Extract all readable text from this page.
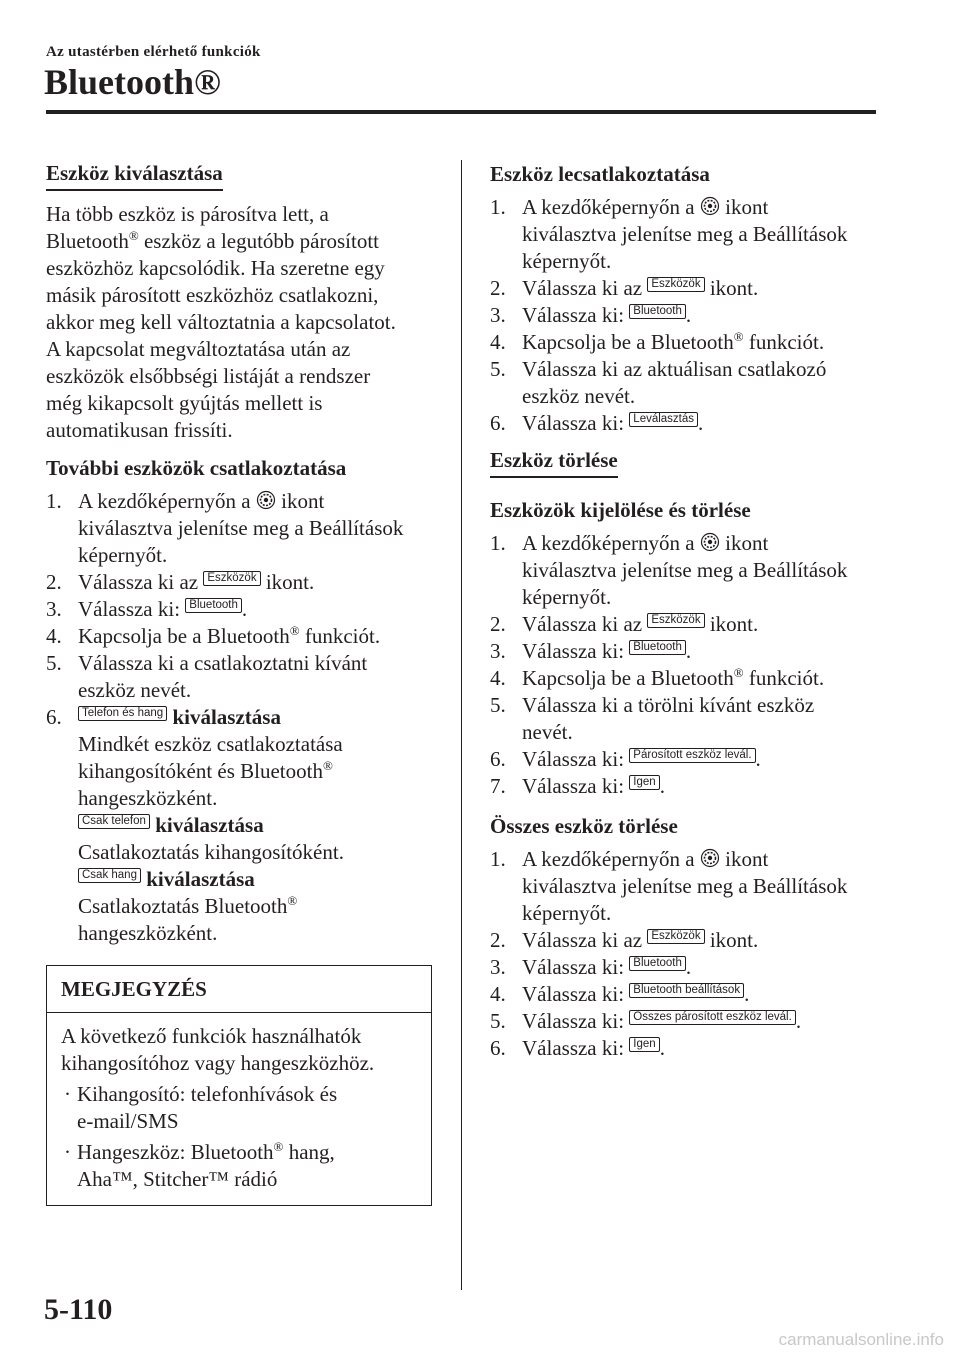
Az utastérben elérhető funkciók
Bluetooth®
Eszköz kiválasztása

Ha több eszköz is párosítva lett, a
Bluetooth® eszköz a legutóbb párosított
eszközhöz kapcsolódik. Ha szeretne egy
másik párosított eszközhöz csatlakozni,
akkor meg kell változtatnia a kapcsolatot.
A kapcsolat megváltoztatása után az
eszközök elsőbbségi listáját a rendszer
még kikapcsolt gyújtás mellett is
automatikusan frissíti.

További eszközök csatlakoztatása
1. A kezdőképernyőn a ikont
kiválasztva jelenítse meg a Beállítások
képernyőt.
2. Válassza ki az Eszközök ikont.
3. Válassza ki: Bluetooth .
4. Kapcsolja be a Bluetooth® funkciót.
5. Válassza ki a csatlakoztatni kívánt
eszköz nevét.
6. Telefon és hang kiválasztása
Mindkét eszköz csatlakoztatása
kihangosítóként és Bluetooth®
hangeszközként.
Csak telefon kiválasztása
Csatlakoztatás kihangosítóként.
Csak hang kiválasztása
Csatlakoztatás Bluetooth®
hangeszközként.
MEGJEGYZÉS

A következő funkciók használhatók
kihangosítóhoz vagy hangeszközhöz.

· Kihangosító: telefonhívások és
e-mail/SMS
· Hangeszköz: Bluetooth® hang,
Aha™, Stitcher™ rádió
Eszköz lecsatlakoztatása
1. A kezdőképernyőn a ikont
kiválasztva jelenítse meg a Beállítások
képernyőt.
2. Válassza ki az Eszközök ikont.
3. Válassza ki: Bluetooth .
4. Kapcsolja be a Bluetooth® funkciót.
5. Válassza ki az aktuálisan csatlakozó
eszköz nevét.
6. Válassza ki: Leválasztás .
Eszköz törlése
Eszközök kijelölése és törlése
1. A kezdőképernyőn a ikont
kiválasztva jelenítse meg a Beállítások
képernyőt.
2. Válassza ki az Eszközök ikont.
3. Válassza ki: Bluetooth .
4. Kapcsolja be a Bluetooth® funkciót.
5. Válassza ki a törölni kívánt eszköz
nevét.
6. Válassza ki: Párosított eszköz levál. .
7. Válassza ki: Igen .
Összes eszköz törlése
1. A kezdőképernyőn a ikont
kiválasztva jelenítse meg a Beállítások
képernyőt.
2. Válassza ki az Eszközök ikont.
3. Válassza ki: Bluetooth .
4. Válassza ki: Bluetooth beállítások .
5. Válassza ki: Összes párosított eszköz levál. .
6. Válassza ki: Igen .
5-110
carmanualsonline.info
